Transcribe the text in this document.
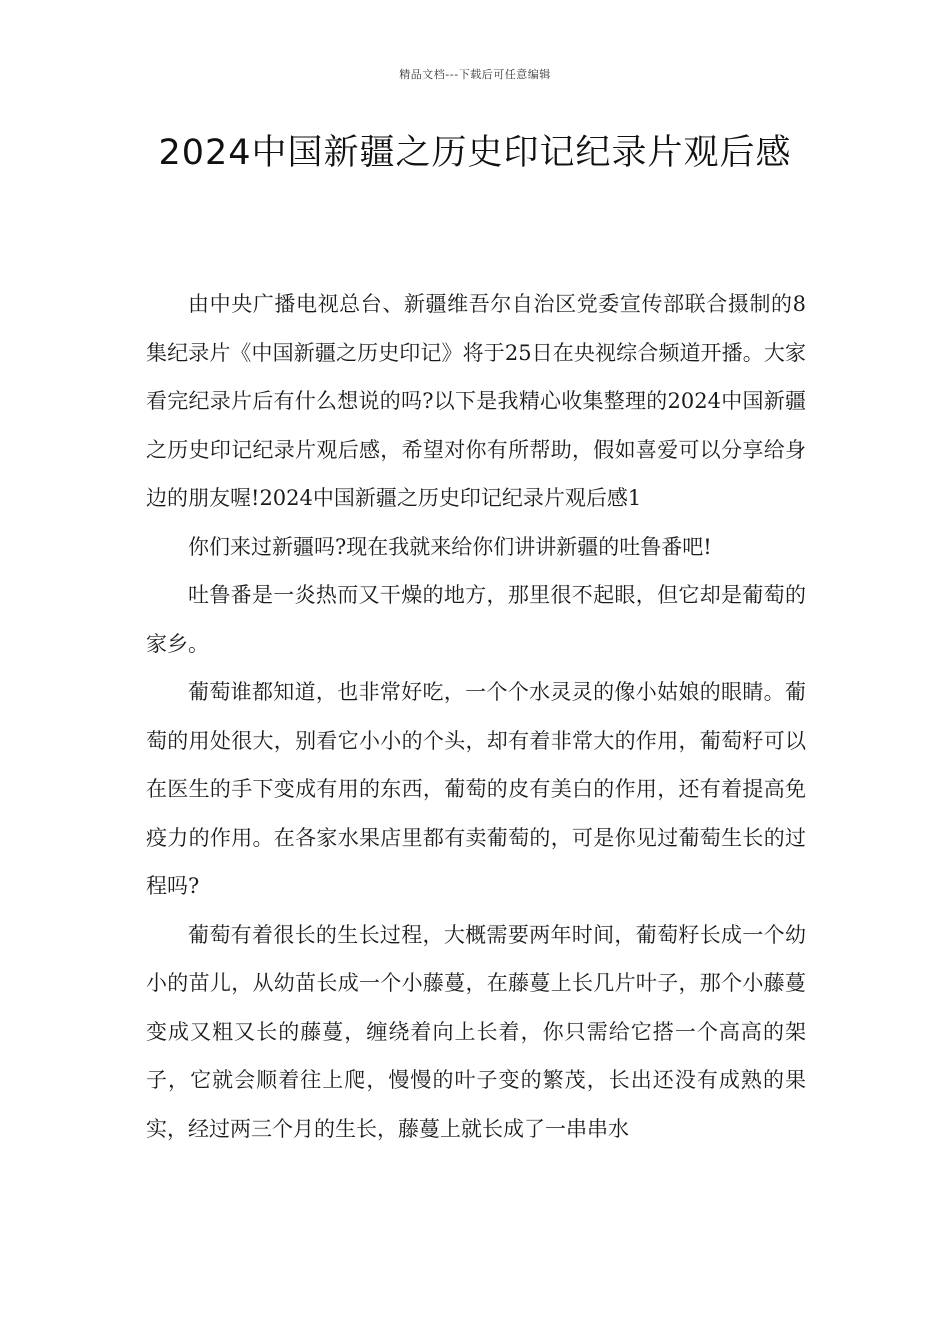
精品文档---下载后可任意编辑
2024中国新疆之历史印记纪录片观后感

由中央广播电视总台、新疆维吾尔自治区党委宣传部联合摄制的8集纪录片《中国新疆之历史印记》将于25日在央视综合频道开播。大家看完纪录片后有什么想说的吗?以下是我精心收集整理的2024中国新疆之历史印记纪录片观后感，希望对你有所帮助，假如喜爱可以分享给身边的朋友喔!2024中国新疆之历史印记纪录片观后感1

你们来过新疆吗?现在我就来给你们讲讲新疆的吐鲁番吧!

吐鲁番是一炎热而又干燥的地方，那里很不起眼，但它却是葡萄的家乡。

葡萄谁都知道，也非常好吃，一个个水灵灵的像小姑娘的眼睛。葡萄的用处很大，别看它小小的个头，却有着非常大的作用，葡萄籽可以在医生的手下变成有用的东西，葡萄的皮有美白的作用，还有着提高免疫力的作用。在各家水果店里都有卖葡萄的，可是你见过葡萄生长的过程吗?

葡萄有着很长的生长过程，大概需要两年时间，葡萄籽长成一个幼小的苗儿，从幼苗长成一个小藤蔓，在藤蔓上长几片叶子，那个小藤蔓变成又粗又长的藤蔓，缠绕着向上长着，你只需给它搭一个高高的架子，它就会顺着往上爬，慢慢的叶子变的繁茂，长出还没有成熟的果实，经过两三个月的生长，藤蔓上就长成了一串串水
